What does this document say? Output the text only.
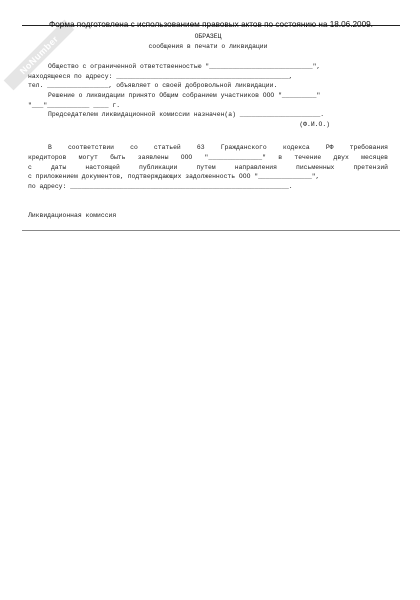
NoNumber
Форма подготовлена с использованием правовых актов по состоянию на 18.06.2009.
ОБРАЗЕЦ
сообщения в печати о ликвидации
Общество с ограниченной ответственностью "___________________________",
находящееся по адресу: _____________________________________________,
тел. ________________, объявляет о своей добровольной ликвидации.
Решение о ликвидации принято Общим собранием участников ООО "_________"
"___"___________ ____ г.
Председателем ликвидационной комиссии назначен(а) _____________________.
(Ф.И.О.)
В соответствии со статьей 63 Гражданского кодекса РФ требования
кредиторов могут быть заявлены ООО "______________" в течение двух месяцев
с даты настоящей публикации путем направления письменных претензий
с приложением документов, подтверждающих задолженность ООО "______________",
по адресу: _________________________________________________________.
Ликвидационная комиссия
